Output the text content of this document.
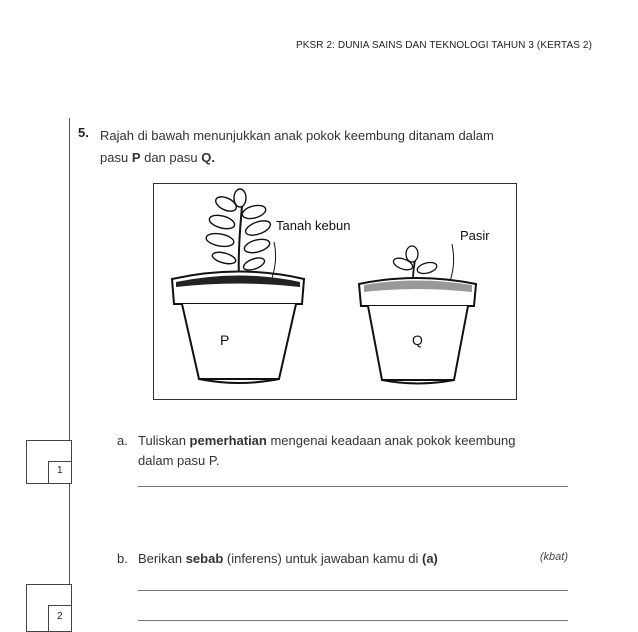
PKSR 2: DUNIA SAINS DAN TEKNOLOGI TAHUN 3 (KERTAS 2)
5. Rajah di bawah menunjukkan anak pokok keembung ditanam dalam
pasu P dan pasu Q.
Tanah kebun
Pasir
P	Q
a. Tuliskan pemerhatian mengenai keadaan anak pokok keembung
dalam pasu P.
b. Berikan sebab (inferens) untuk jawaban kamu di (a)	(kbat)
1
2
